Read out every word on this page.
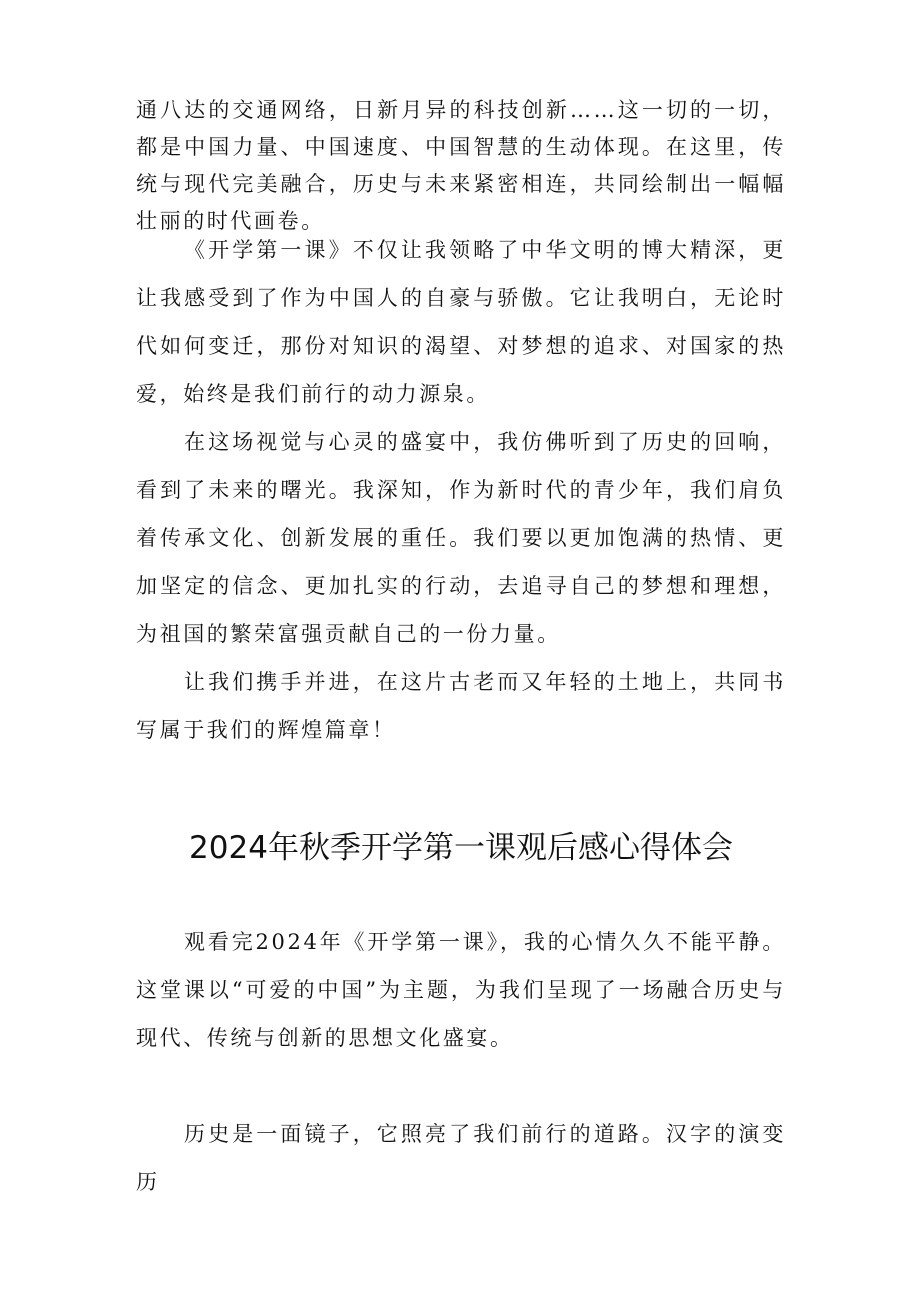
通八达的交通网络，日新月异的科技创新……这一切的一切，都是中国力量、中国速度、中国智慧的生动体现。在这里，传统与现代完美融合，历史与未来紧密相连，共同绘制出一幅幅壮丽的时代画卷。

《开学第一课》不仅让我领略了中华文明的博大精深，更让我感受到了作为中国人的自豪与骄傲。它让我明白，无论时代如何变迁，那份对知识的渴望、对梦想的追求、对国家的热爱，始终是我们前行的动力源泉。

在这场视觉与心灵的盛宴中，我仿佛听到了历史的回响，看到了未来的曙光。我深知，作为新时代的青少年，我们肩负着传承文化、创新发展的重任。我们要以更加饱满的热情、更加坚定的信念、更加扎实的行动，去追寻自己的梦想和理想，为祖国的繁荣富强贡献自己的一份力量。

让我们携手并进，在这片古老而又年轻的土地上，共同书写属于我们的辉煌篇章！

2024年秋季开学第一课观后感心得体会

观看完2024年《开学第一课》，我的心情久久不能平静。这堂课以“可爱的中国”为主题，为我们呈现了一场融合历史与现代、传统与创新的思想文化盛宴。

历史是一面镜子，它照亮了我们前行的道路。汉字的演变历
